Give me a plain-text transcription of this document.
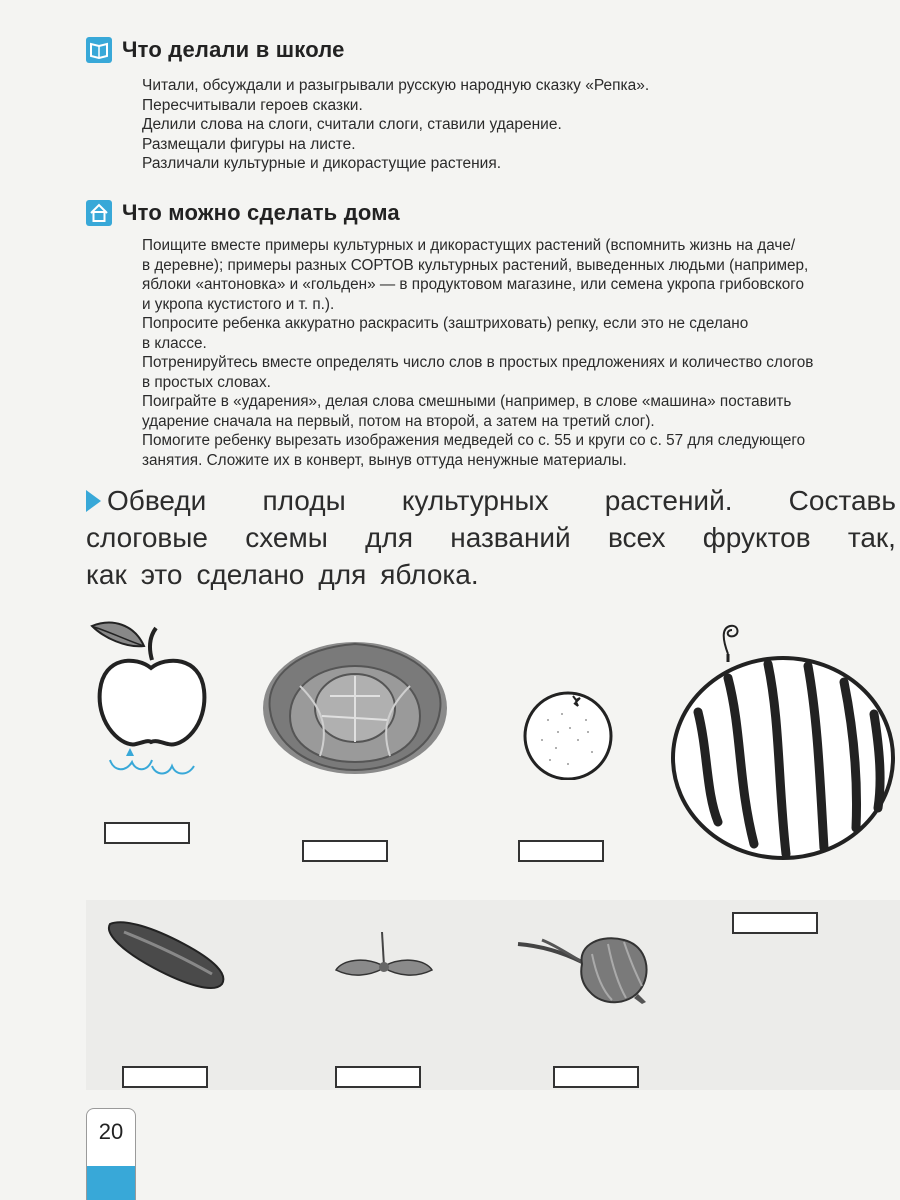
Что делали в школе

Читали, обсуждали и разыгрывали русскую народную сказку «Репка».

Пересчитывали героев сказки.

Делили слова на слоги, считали слоги, ставили ударение.

Размещали фигуры на листе.

Различали культурные и дикорастущие растения.

Что можно сделать дома

Поищите вместе примеры культурных и дикорастущих растений (вспомнить жизнь на даче/

в деревне); примеры разных СОРТОВ культурных растений, выведенных людьми (например,

яблоки «антоновка» и «гольден» — в продуктовом магазине, или семена укропа грибовского

и укропа кустистого и т. п.).

Попросите ребенка аккуратно раскрасить (заштриховать) репку, если это не сделано

в классе.

Потренируйтесь вместе определять число слов в простых предложениях и количество слогов

в простых словах.

Поиграйте в «ударения», делая слова смешными (например, в слове «машина» поставить

ударение сначала на первый, потом на второй, а затем на третий слог).

Помогите ребенку вырезать изображения медведей со с. 55 и круги со с. 57 для следующего

занятия. Сложите их в конверт, вынув оттуда ненужные материалы.

Обведи плоды культурных растений. Составь
слоговые схемы для названий всех фруктов так,
как это сделано для яблока.
20
